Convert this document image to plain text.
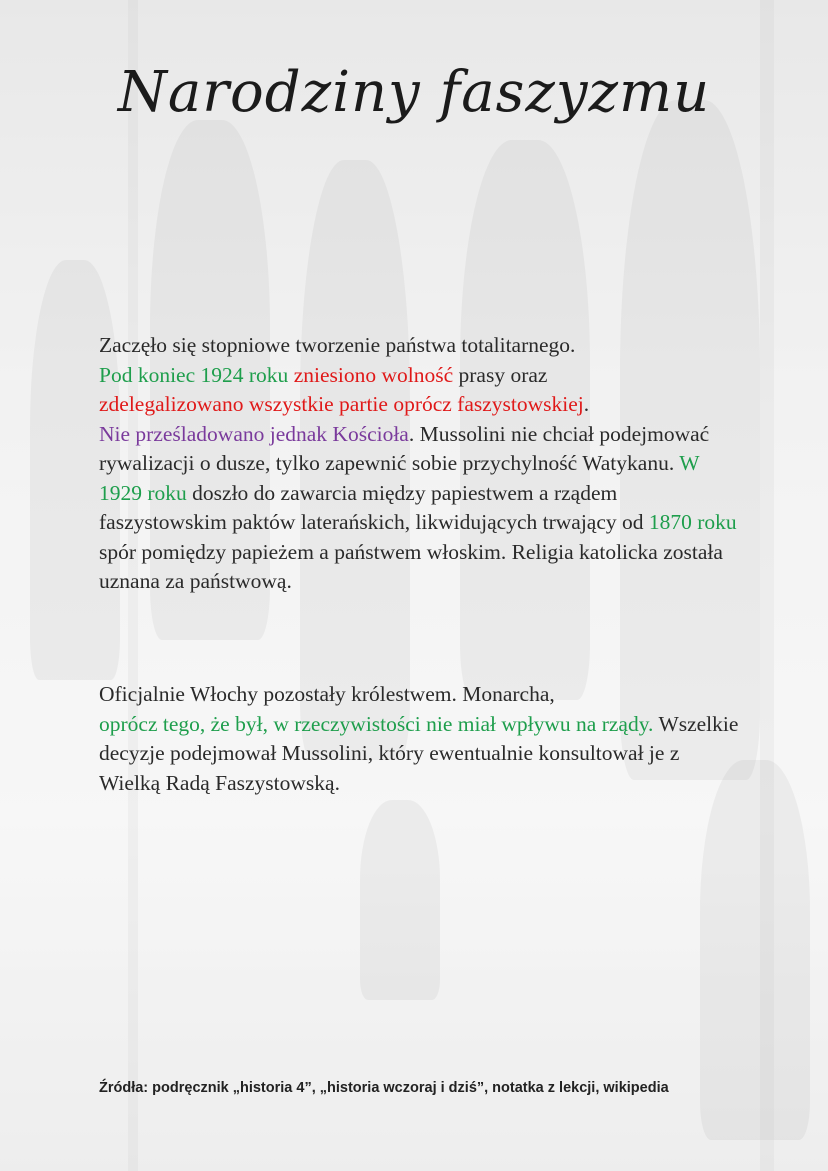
Narodziny faszyzmu

Zaczęło się stopniowe tworzenie państwa totalitarnego.
Pod koniec 1924 roku zniesiono wolność prasy oraz
zdelegalizowano wszystkie partie oprócz faszystowskiej.
Nie prześladowano jednak Kościoła. Mussolini nie chciał podejmować rywalizacji o dusze, tylko zapewnić sobie przychylność Watykanu. W 1929 roku doszło do zawarcia między papiestwem a rządem faszystowskim paktów laterańskich, likwidujących trwający od 1870 roku spór pomiędzy papieżem a państwem włoskim. Religia katolicka została uznana za państwową.

Oficjalnie Włochy pozostały królestwem. Monarcha,
oprócz tego, że był, w rzeczywistości nie miał wpływu na rządy. Wszelkie decyzje podejmował Mussolini, który ewentualnie konsultował je z Wielką Radą Faszystowską.

Źródła: podręcznik „historia 4”, „historia wczoraj i dziś”, notatka z lekcji, wikipedia
